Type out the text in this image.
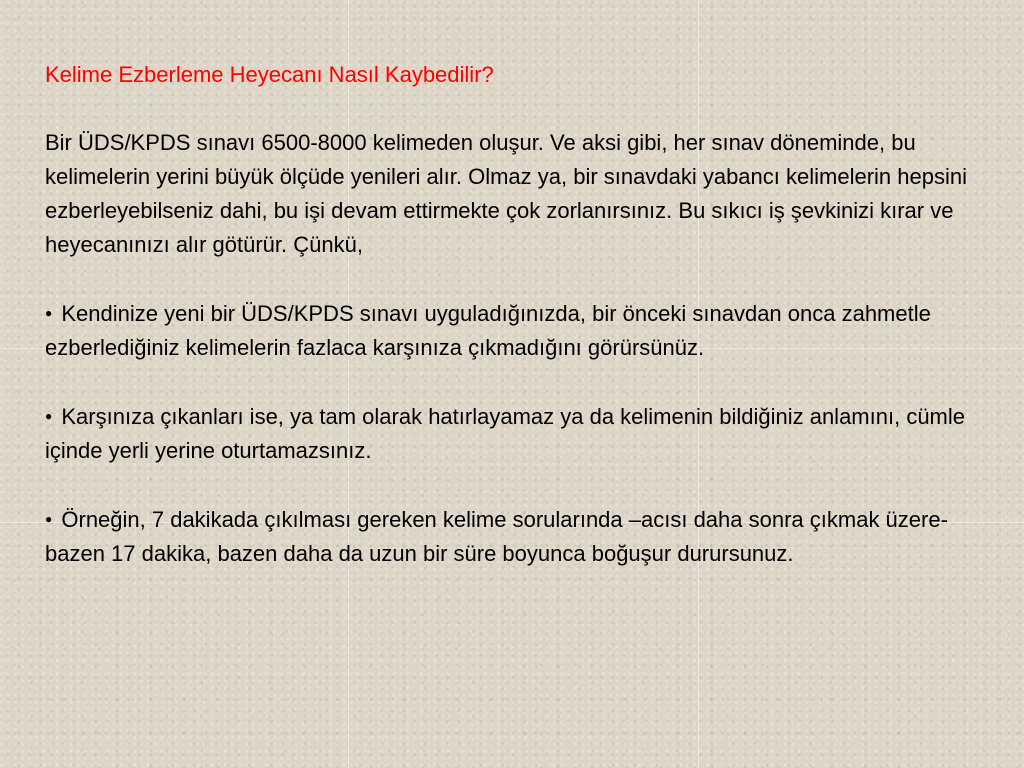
Kelime Ezberleme Heyecanı Nasıl Kaybedilir?

Bir ÜDS/KPDS sınavı 6500-8000 kelimeden oluşur. Ve aksi gibi, her sınav döneminde, bu kelimelerin yerini büyük ölçüde yenileri alır. Olmaz ya, bir sınavdaki yabancı kelimelerin hepsini ezberleyebilseniz dahi, bu işi devam ettirmekte çok zorlanırsınız. Bu sıkıcı iş şevkinizi kırar ve heyecanınızı alır götürür. Çünkü,

● Kendinize yeni bir ÜDS/KPDS sınavı uyguladığınızda, bir önceki sınavdan onca zahmetle ezberlediğiniz kelimelerin fazlaca karşınıza çıkmadığını görürsünüz.

● Karşınıza çıkanları ise, ya tam olarak hatırlayamaz ya da kelimenin bildiğiniz anlamını, cümle içinde yerli yerine oturtamazsınız.

● Örneğin, 7 dakikada çıkılması gereken kelime sorularında –acısı daha sonra çıkmak üzere- bazen 17 dakika, bazen daha da uzun bir süre boyunca boğuşur durursunuz.
